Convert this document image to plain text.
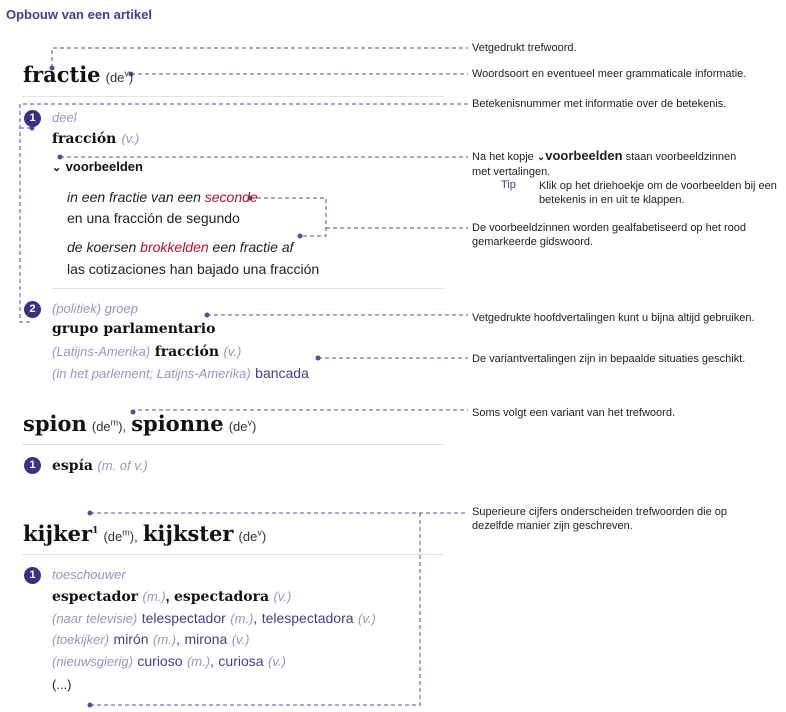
Opbouw van een artikel
fractie $(de^v)$
1	deel
fracción (v.)
⌄ voorbeelden
in een fractie van een seconde
en una fracción de segundo
de koersen brokkelden een fractie af
las cotizaciones han bajado una fracción
2	(politiek) groep
grupo parlamentario
(Latijns-Amerika) fracción (v.)
(in het parlement; Latijns-Amerika) bancada
spion $(de^m)$, spionne $(de^v)$
1	espía (m. of v.)
kijker$^1$ $(de^m)$, kijkster $(de^v)$
1	toeschouwer
espectador (m.), espectadora (v.)
(naar televisie) telespectador (m.), telespectadora (v.)
(toekijker) mirón (m.), mirona (v.)
(nieuwsgierig) curioso (m.), curiosa (v.)
(...)
Vetgedrukt trefwoord.
Woordsoort en eventueel meer grammaticale informatie.
Betekenisnummer met informatie over de betekenis.
Na het kopje ⌄voorbeelden staan voorbeeldzinnen
met vertalingen.
Tip Klik op het driehoekje om de voorbeelden bij een
betekenis in en uit te klappen.
De voorbeeldzinnen worden gealfabetiseerd op het rood
gemarkeerde gidswoord.
Vetgedrukte hoofdvertalingen kunt u bijna altijd gebruiken.
De variantvertalingen zijn in bepaalde situaties geschikt.
Soms volgt een variant van het trefwoord.
Superieure cijfers onderscheiden trefwoorden die op
dezelfde manier zijn geschreven.
